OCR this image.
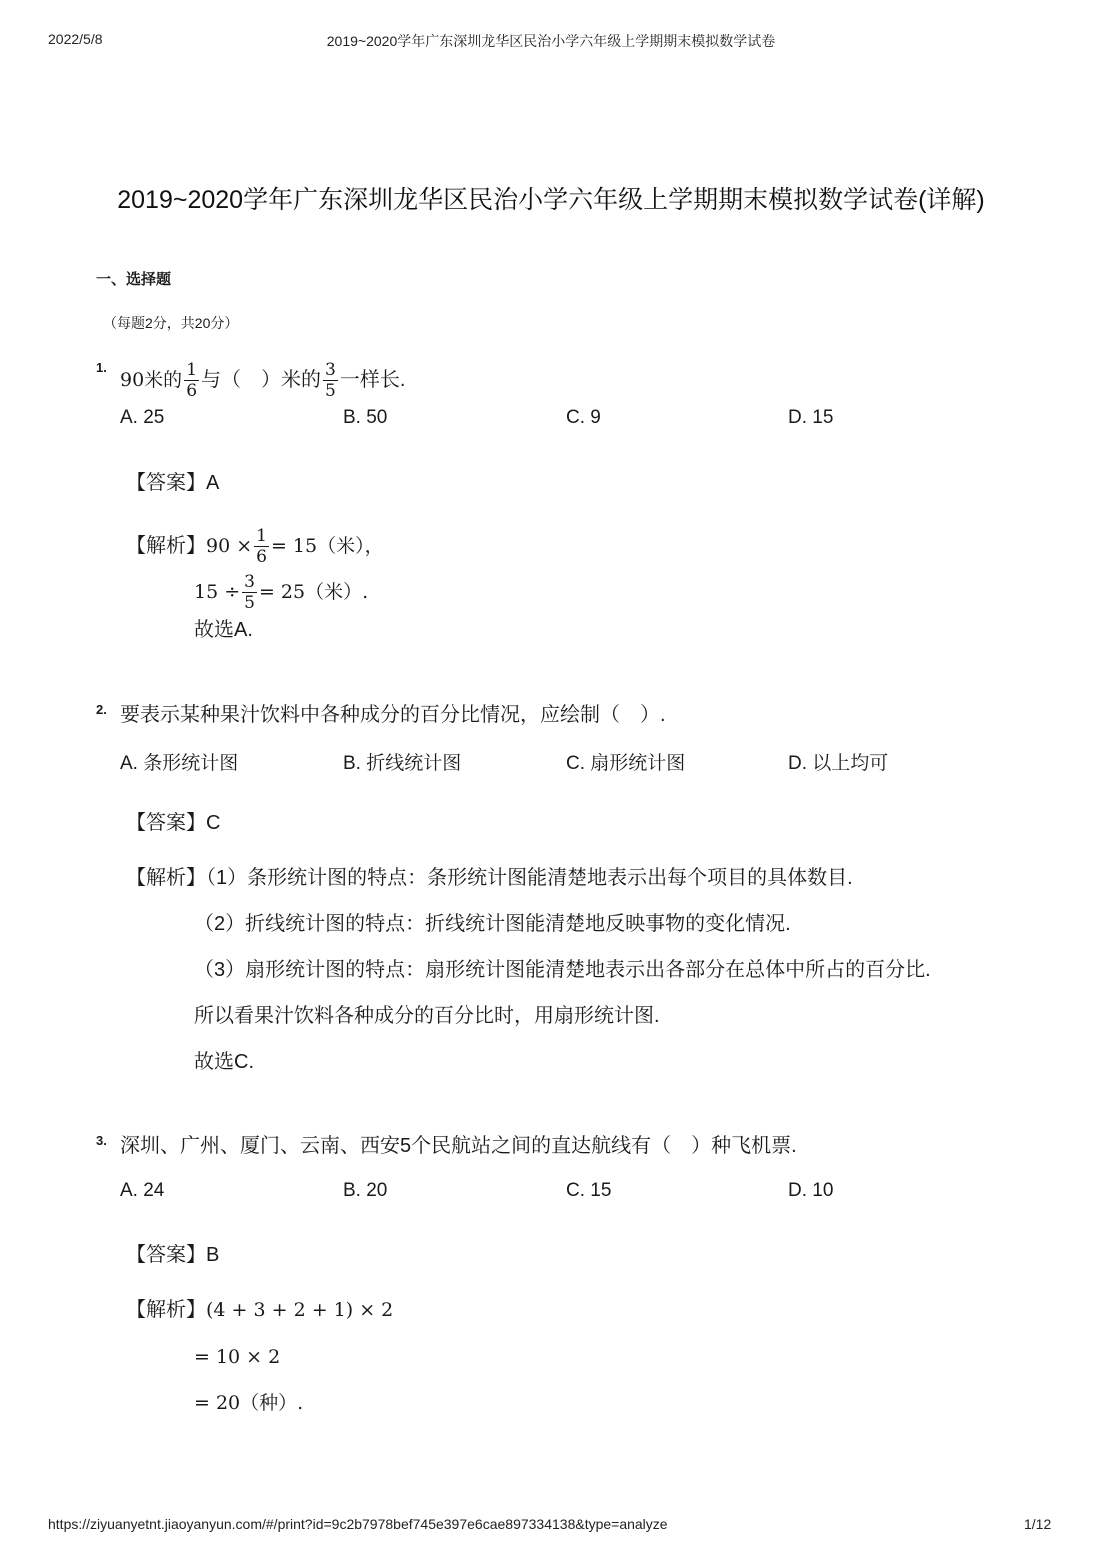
2022/5/8	2019~2020学年广东深圳龙华区民治小学六年级上学期期末模拟数学试卷
2019~2020学年广东深圳龙华区民治小学六年级上学期期末模拟数学试卷(详解)
一、选择题
（每题2分，共20分）
1.
90米的 $\frac{1}{6}$ 与（　）米的 $\frac{3}{5}$ 一样长.
A. 25	B. 50	C. 9	D. 15
【答案】A
【解析】$90 \times \frac{1}{6} = 15$（米），
$15 \div \frac{3}{5} = 25$（米）.
故选A.
2. 要表示某种果汁饮料中各种成分的百分比情况，应绘制（　）.
A. 条形统计图	B. 折线统计图	C. 扇形统计图	D. 以上均可
【答案】C
【解析】（1）条形统计图的特点：条形统计图能清楚地表示出每个项目的具体数目.
（2）折线统计图的特点：折线统计图能清楚地反映事物的变化情况.
（3）扇形统计图的特点：扇形统计图能清楚地表示出各部分在总体中所占的百分比.
所以看果汁饮料各种成分的百分比时，用扇形统计图.
故选C.
3. 深圳、广州、厦门、云南、西安5个民航站之间的直达航线有（　）种飞机票.
A. 24	B. 20	C. 15	D. 10
【答案】B
【解析】(4 + 3 + 2 + 1) × 2
= 10 × 2
= 20（种）.
https://ziyuanyetnt.jiaoyanyun.com/#/print?id=9c2b7978bef745e397e6cae897334138&type=analyze	1/12
